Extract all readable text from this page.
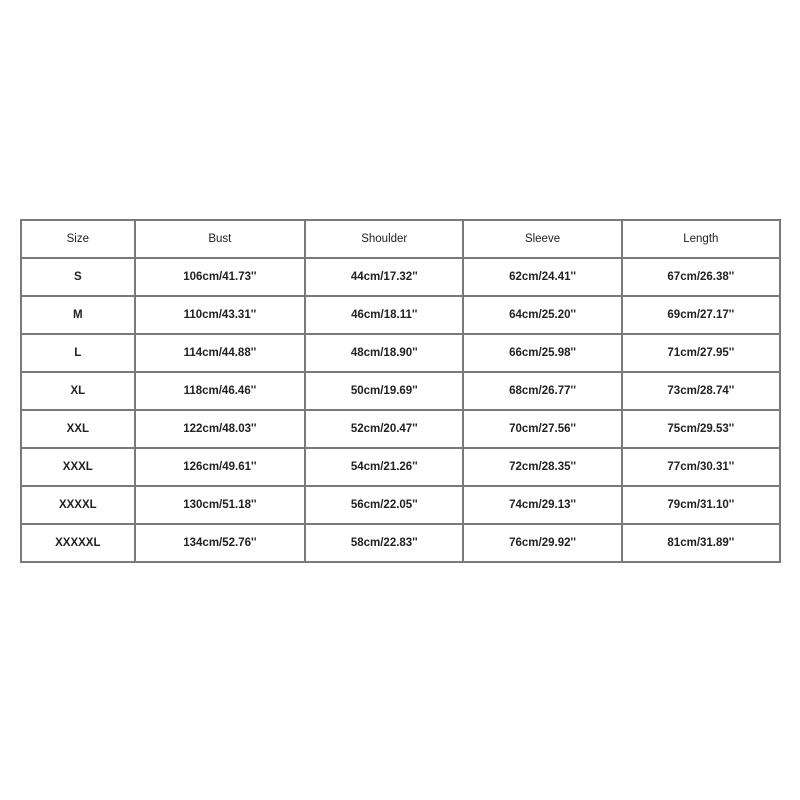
Size	Bust	Shoulder	Sleeve	Length
S	106cm/41.73''	44cm/17.32''	62cm/24.41''	67cm/26.38''
M	110cm/43.31''	46cm/18.11''	64cm/25.20''	69cm/27.17''
L	114cm/44.88''	48cm/18.90''	66cm/25.98''	71cm/27.95''
XL	118cm/46.46''	50cm/19.69''	68cm/26.77''	73cm/28.74''
XXL	122cm/48.03''	52cm/20.47''	70cm/27.56''	75cm/29.53''
XXXL	126cm/49.61''	54cm/21.26''	72cm/28.35''	77cm/30.31''
XXXXL	130cm/51.18''	56cm/22.05''	74cm/29.13''	79cm/31.10''
XXXXXL	134cm/52.76''	58cm/22.83''	76cm/29.92''	81cm/31.89''
